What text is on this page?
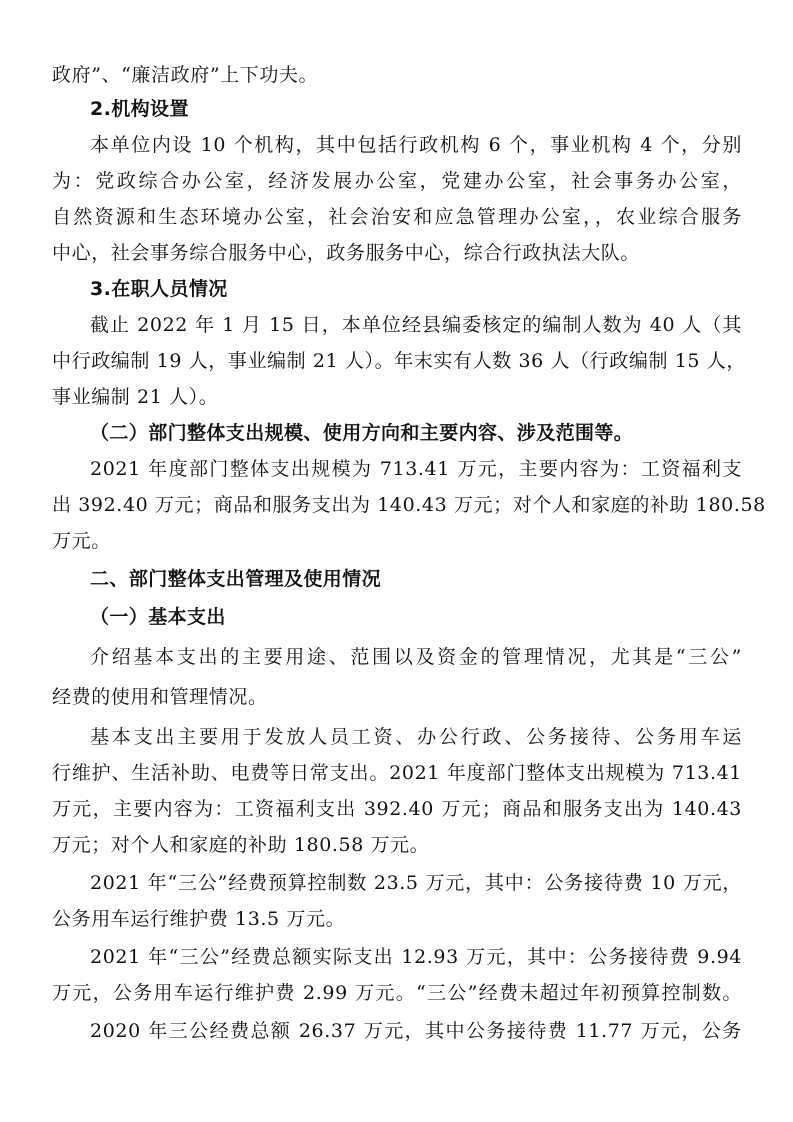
政府”、“廉洁政府”上下功夫。
2.机构设置
本单位内设 10 个机构，其中包括行政机构 6 个，事业机构 4 个，分别
为：党政综合办公室，经济发展办公室，党建办公室，社会事务办公室，
自然资源和生态环境办公室，社会治安和应急管理办公室，，农业综合服务
中心，社会事务综合服务中心，政务服务中心，综合行政执法大队。
3.在职人员情况
截止 2022 年 1 月 15 日，本单位经县编委核定的编制人数为 40 人（其
中行政编制 19 人，事业编制 21 人）。年末实有人数 36 人（行政编制 15 人，
事业编制 21 人）。
（二）部门整体支出规模、使用方向和主要内容、涉及范围等。
2021 年度部门整体支出规模为 713.41 万元，主要内容为：工资福利支
出 392.40 万元；商品和服务支出为 140.43 万元；对个人和家庭的补助 180.58
万元。
二、部门整体支出管理及使用情况
（一）基本支出
介绍基本支出的主要用途、范围以及资金的管理情况，尤其是“三公”
经费的使用和管理情况。
基本支出主要用于发放人员工资、办公行政、公务接待、公务用车运
行维护、生活补助、电费等日常支出。2021 年度部门整体支出规模为 713.41
万元，主要内容为：工资福利支出 392.40 万元；商品和服务支出为 140.43
万元；对个人和家庭的补助 180.58 万元。
2021 年“三公”经费预算控制数 23.5 万元，其中：公务接待费 10 万元，
公务用车运行维护费 13.5 万元。
2021 年“三公”经费总额实际支出 12.93 万元，其中：公务接待费 9.94
万元，公务用车运行维护费 2.99 万元。“三公”经费未超过年初预算控制数。
2020 年三公经费总额 26.37 万元，其中公务接待费 11.77 万元，公务
